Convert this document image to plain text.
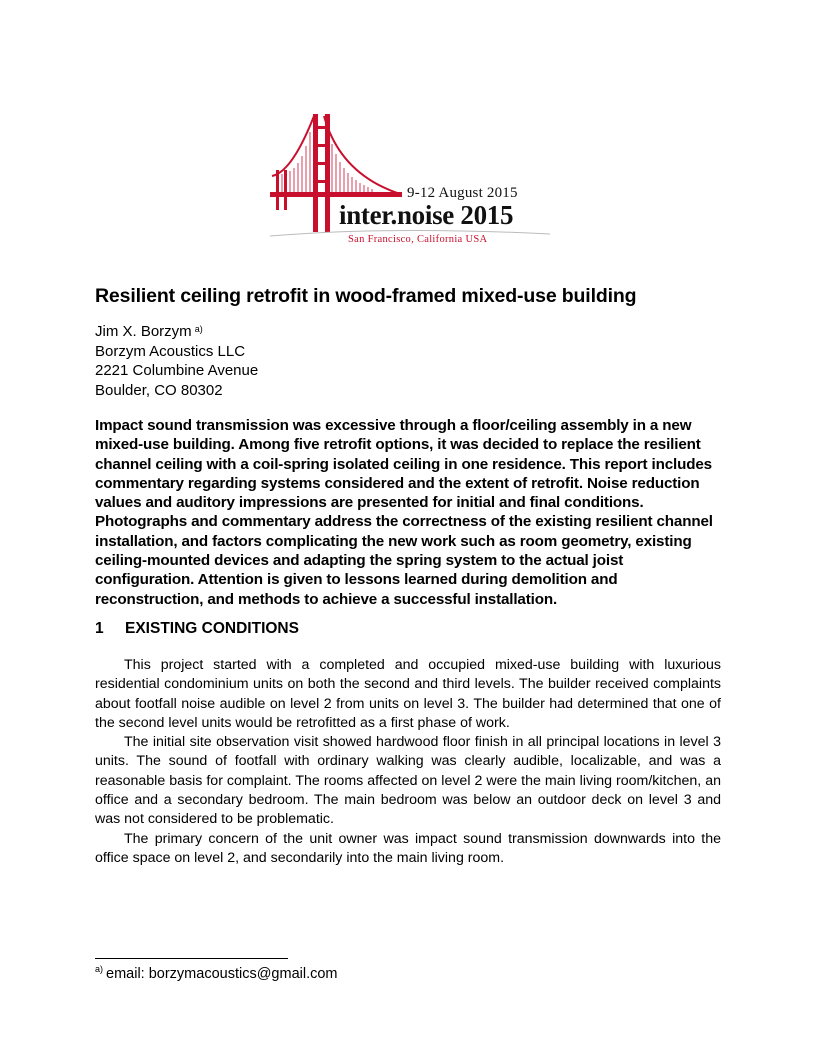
9-12 August 2015
inter.noise 2015
San Francisco, California USA
Resilient ceiling retrofit in wood-framed mixed-use building
Jim X. Borzym $^{a)}$
Borzym Acoustics LLC
2221 Columbine Avenue
Boulder, CO 80302

Impact sound transmission was excessive through a floor/ceiling assembly in a new mixed-use building. Among five retrofit options, it was decided to replace the resilient channel ceiling with a coil-spring isolated ceiling in one residence. This report includes commentary regarding systems considered and the extent of retrofit. Noise reduction values and auditory impressions are presented for initial and final conditions. Photographs and commentary address the correctness of the existing resilient channel installation, and factors complicating the new work such as room geometry, existing ceiling-mounted devices and adapting the spring system to the actual joist configuration. Attention is given to lessons learned during demolition and reconstruction, and methods to achieve a successful installation.

1 EXISTING CONDITIONS

This project started with a completed and occupied mixed-use building with luxurious residential condominium units on both the second and third levels. The builder received complaints about footfall noise audible on level 2 from units on level 3. The builder had determined that one of the second level units would be retrofitted as a first phase of work.

The initial site observation visit showed hardwood floor finish in all principal locations in level 3 units. The sound of footfall with ordinary walking was clearly audible, localizable, and was a reasonable basis for complaint. The rooms affected on level 2 were the main living room/kitchen, an office and a secondary bedroom. The main bedroom was below an outdoor deck on level 3 and was not considered to be problematic.

The primary concern of the unit owner was impact sound transmission downwards into the office space on level 2, and secondarily into the main living room.

$^{a)}$ email: borzymacoustics@gmail.com
